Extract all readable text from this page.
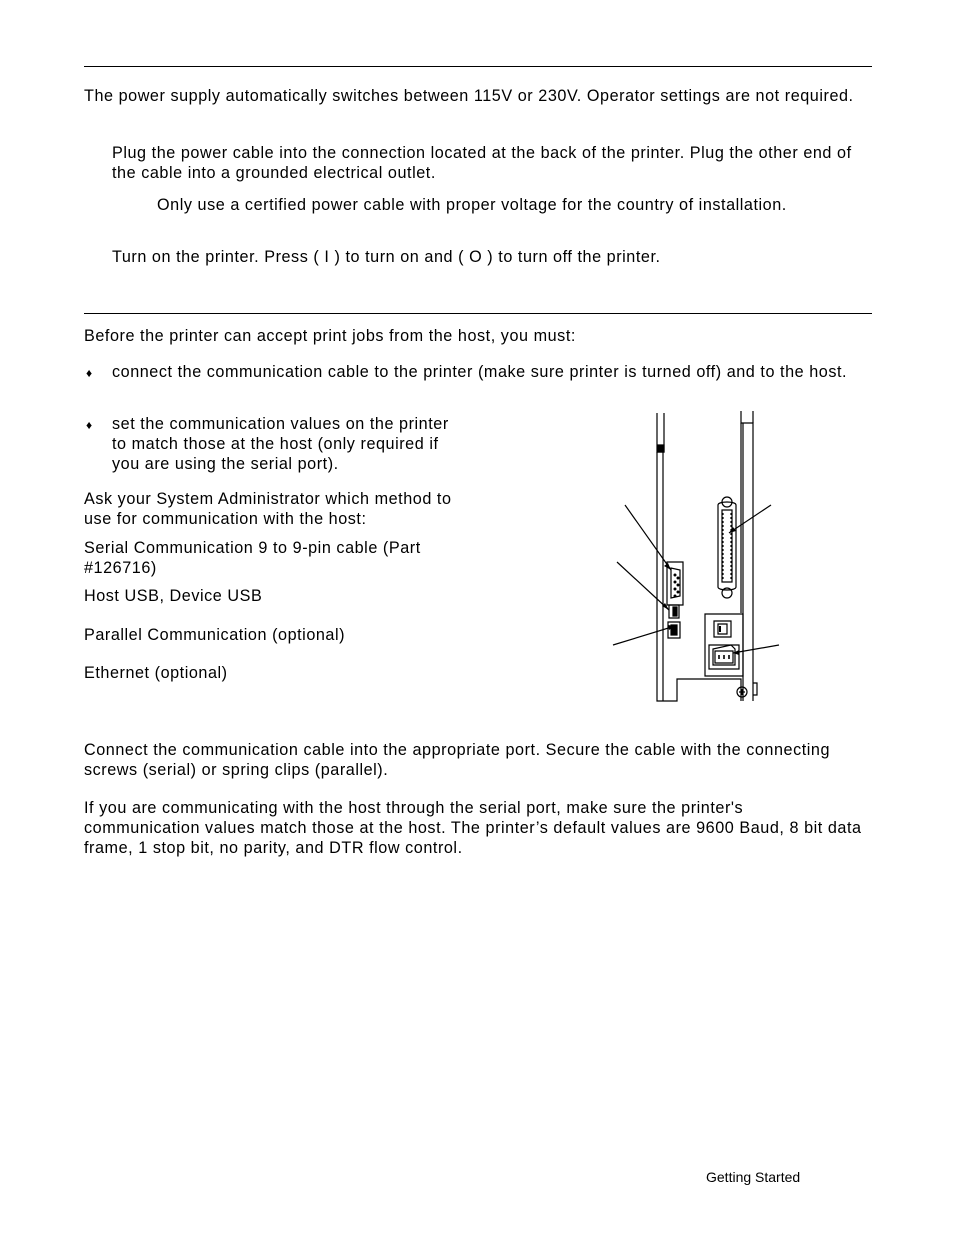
The power supply automatically switches between 115V or 230V. Operator settings are not required.

Plug the power cable into the connection located at the back of the printer. Plug the other end of the cable into a grounded electrical outlet.

Only use a certified power cable with proper voltage for the country of installation.

Turn on the printer. Press ( I ) to turn on and ( O ) to turn off the printer.

Before the printer can accept print jobs from the host, you must:

♦ connect the communication cable to the printer (make sure printer is turned off) and to the host.

♦ set the communication values on the printer to match those at the host (only required if you are using the serial port).

Ask your System Administrator which method to use for communication with the host:

Serial Communication 9 to 9-pin cable (Part #126716)

Host USB, Device USB

Parallel Communication (optional)

Ethernet (optional)

Connect the communication cable into the appropriate port. Secure the cable with the connecting screws (serial) or spring clips (parallel).

If you are communicating with the host through the serial port, make sure the printer's communication values match those at the host. The printer’s default values are 9600 Baud, 8 bit data frame, 1 stop bit, no parity, and DTR flow control.

Getting Started
